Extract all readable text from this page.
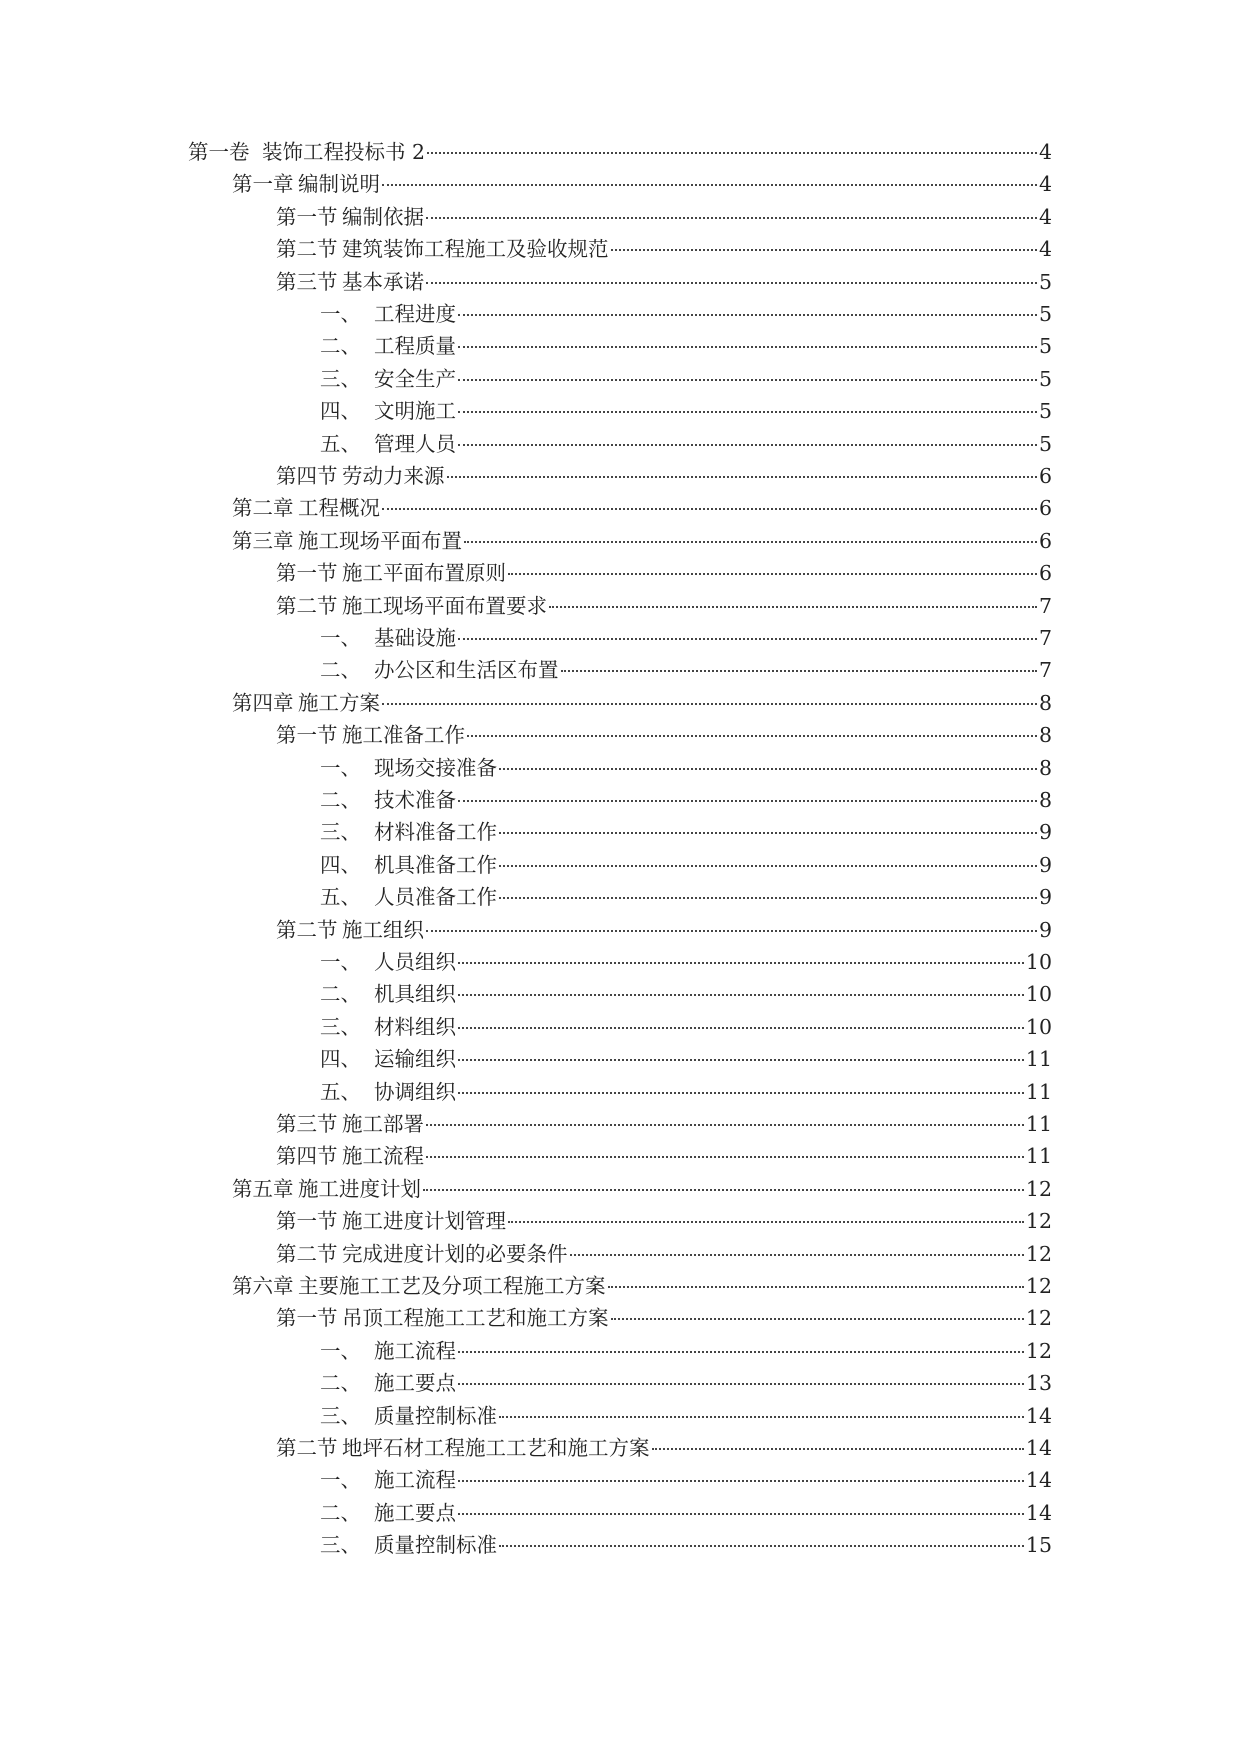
第一卷 装饰工程投标书 2	4
第一章 编制说明	4
第一节 编制依据	4
第二节 建筑装饰工程施工及验收规范	4
第三节 基本承诺	5
一、 工程进度	5
二、 工程质量	5
三、 安全生产	5
四、 文明施工	5
五、 管理人员	5
第四节 劳动力来源	6
第二章 工程概况	6
第三章 施工现场平面布置	6
第一节 施工平面布置原则	6
第二节 施工现场平面布置要求	7
一、 基础设施	7
二、 办公区和生活区布置	7
第四章 施工方案	8
第一节 施工准备工作	8
一、 现场交接准备	8
二、 技术准备	8
三、 材料准备工作	9
四、 机具准备工作	9
五、 人员准备工作	9
第二节 施工组织	9
一、 人员组织	10
二、 机具组织	10
三、 材料组织	10
四、 运输组织	11
五、 协调组织	11
第三节 施工部署	11
第四节 施工流程	11
第五章 施工进度计划	12
第一节 施工进度计划管理	12
第二节 完成进度计划的必要条件	12
第六章 主要施工工艺及分项工程施工方案	12
第一节 吊顶工程施工工艺和施工方案	12
一、 施工流程	12
二、 施工要点	13
三、 质量控制标准	14
第二节 地坪石材工程施工工艺和施工方案	14
一、 施工流程	14
二、 施工要点	14
三、 质量控制标准	15
